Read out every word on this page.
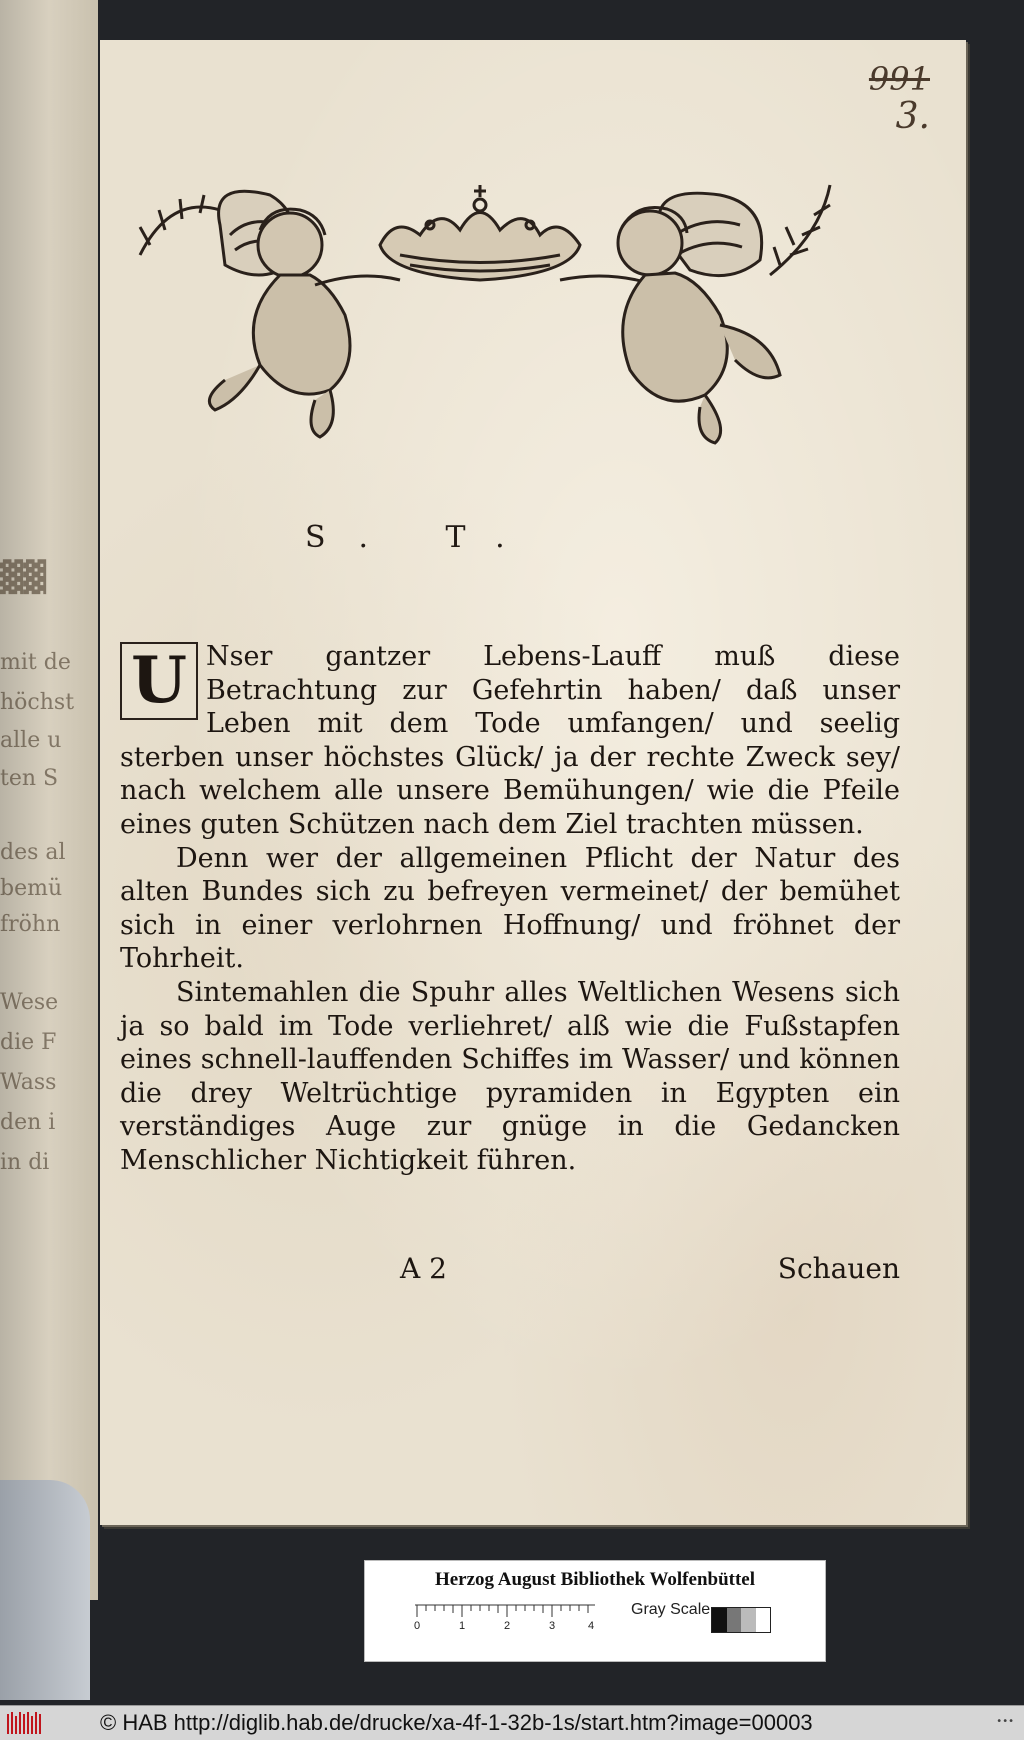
▓▓
mit de
höchst
alle u
ten S
des al
bemü
fröhn
Wese
die F
Wass
den i
in di
991
3.
S. T.
U Nser gantzer Lebens-Lauff muß diese Betrachtung zur Gefehrtin haben/ daß unser Leben mit dem Tode umfangen/ und seelig sterben unser höchstes Glück/ ja der rechte Zweck sey/ nach welchem alle unsere Bemühungen/ wie die Pfeile eines guten Schützen nach dem Ziel trachten müssen.

Denn wer der allgemeinen Pflicht der Natur des alten Bundes sich zu befreyen vermeinet/ der bemühet sich in einer verlohrnen Hoffnung/ und fröhnet der Tohrheit.

Sintemahlen die Spuhr alles Weltlichen Wesens sich ja so bald im Tode verliehret/ alß wie die Fußstapfen eines schnell-lauffenden Schiffes im Wasser/ und können die drey Weltrüchtige pyramiden in Egypten ein verständiges Auge zur gnüge in die Gedancken Menschlicher Nichtigkeit führen.

A 2	Schauen
Herzog August Bibliothek Wolfenbüttel
0	1	2	3	4
Gray Scale
© HAB http://diglib.hab.de/drucke/xa-4f-1-32b-1s/start.htm?image=00003	•••
